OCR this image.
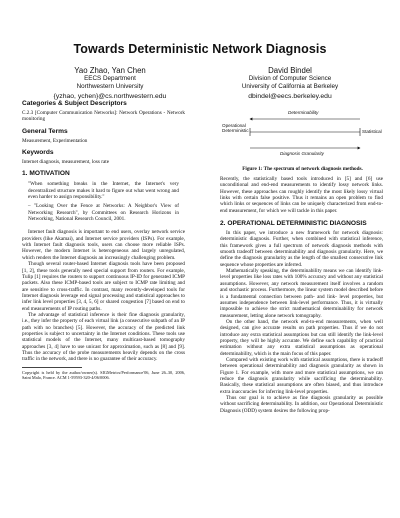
Towards Deterministic Network Diagnosis
Yao Zhao, Yan Chen
EECS Department
Northwestern University
{yzhao, ychen}@cs.northwestern.edu
David Bindel
Division of Computer Science
University of California at Berkeley
dbindel@eecs.berkeley.edu
Categories & Subject Descriptors

C.2.3 [Computer Communication Networks]: Network Operations - Network monitoring

General Terms

Measurement, Experimentation

Keywords

Internet diagnosis, measurement, loss rate

1. MOTIVATION

"When something breaks in the Internet, the Internet's very decentralized structure makes it hard to figure out what went wrong and even harder to assign responsibility."

– "Looking Over the Fence at Networks: A Neighbor's View of Networking Research", by Committees on Research Horizons in Networking, National Research Council, 2001.

Internet fault diagnosis is important to end users, overlay network service providers (like Akamai), and Internet service providers (ISPs). For example, with Internet fault diagnosis tools, users can choose more reliable ISPs. However, the modern Internet is heterogeneous and largely unregulated, which renders the Internet diagnosis an increasingly challenging problem.

Though several router-based Internet diagnosis tools have been proposed [1, 2], these tools generally need special support from routers. For example, Tulip [1] requires the routers to support continuous IP-ID for generated ICMP packets. Also these ICMP-based tools are subject to ICMP rate limiting and are sensitive to cross-traffic. In contrast, many recently-developed tools for Internet diagnosis leverage end signal processing and statistical approaches to infer link level properties [3, 4, 5, 6] or shared congestion [7] based on end to end measurements of IP routing paths.

The advantage of statistical inference is their fine diagnosis granularity, i.e., they infer the property of each virtual link (a consecutive subpath of an IP path with no branches) [5]. However, the accuracy of the predicted link properties is subject to uncertainty in the Internet conditions. These tools use statistical models of the Internet, many multicast-based tomography approaches [3, 4] have to use unicast for approximation, such as [8] and [9]. Thus the accuracy of the probe measurements heavily depends on the cross traffic in the network, and there is no guarantee of their accuracy.

Copyright is held by the author/owner(s). SIGMetrics/Performance'06, June 26–30, 2006, Saint Malo, France. ACM 1-59593-320-4/06/0006.

Determinability
Operational
Deterministic	Statistical
Diagnosis Granularity
Figure 1: The spectrum of network diagnosis methods.

Recently, the statistically based tools introduced in [5] and [6] use unconditional and end-end measurements to identify lossy network links. However, these approaches can roughly identify the most likely lossy virtual links with certain false positive. Thus it remains an open problem to find which links or sequences of links can be uniquely characterized from end-to-end measurement, for which we will tackle in this paper.

2. OPERATIONAL DETERMINISTIC DIAGNOSIS

In this paper, we introduce a new framework for network diagnosis: deterministic diagnosis. Further, when combined with statistical inference, this framework gives a full spectrum of network diagnosis methods with smooth tradeoff between determinability and diagnosis granularity. Here, we define the diagnosis granularity as the length of the smallest consecutive link sequence whose properties are inferred.

Mathematically speaking, the determinability means we can identify link-level properties like loss rates with 100% accuracy and without any statistical assumptions. However, any network measurement itself involves a random and stochastic process. Furthermore, the linear system model described before is a fundamental connection between path- and link- level properties, but assumes independence between link-level performance. Thus, it is virtually impossible to achieve the strict mathematical determinability for network measurement, letting alone network tomography.

On the other hand, the network end-to-end measurements, when well designed, can give accurate results on path properties. Thus if we do not introduce any extra statistical assumptions but can still identify the link-level property, they will be highly accurate. We define such capability of practical estimation without any extra statistical assumptions as operational determinability, which is the main focus of this paper.

Compared with existing work with statistical assumptions, there is tradeoff between operational determinability and diagnosis granularity as shown in Figure 1. For example, with more and more statistical assumptions, we can reduce the diagnosis granularity while sacrificing the determinability. Basically, these statistical assumptions are often biased, and thus introduce extra inaccuracies for inferring link-level properties.

Thus our goal is to achieve as fine diagnosis granularity as possible without sacrificing determinability. In addition, our Operational Deterministic Diagnosis (ODD) system desires the following prop-
